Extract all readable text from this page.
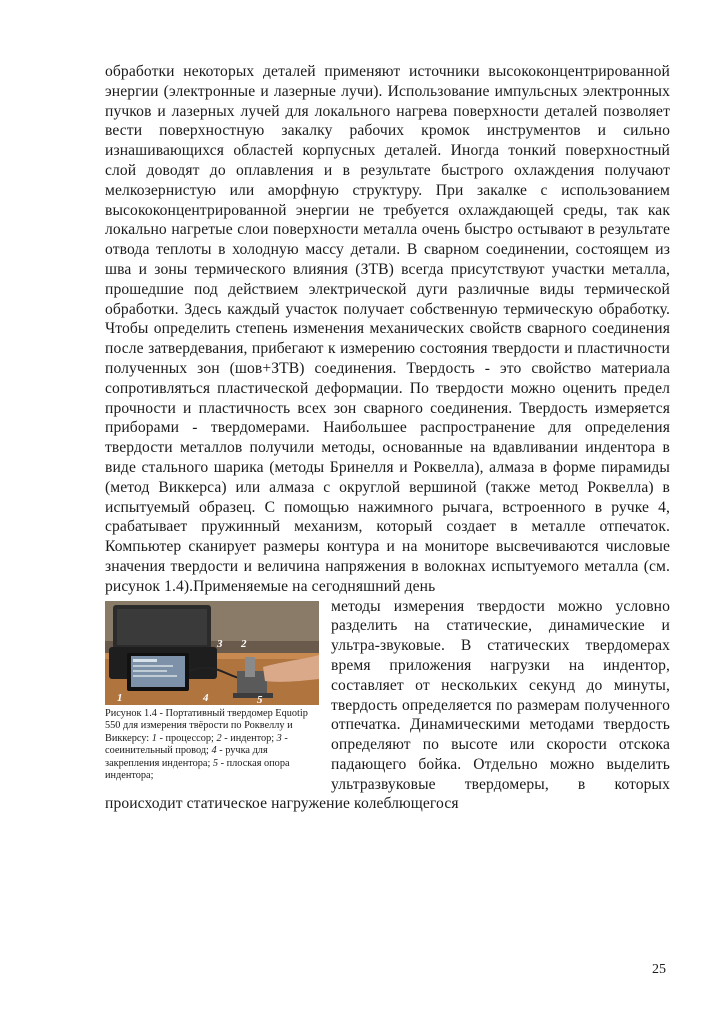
обработки некоторых деталей применяют источники высококонцентрированной энергии (электронные и лазерные лучи). Использование импульсных электронных пучков и лазерных лучей для локального нагрева поверхности деталей позволяет вести поверхностную закалку рабочих кромок инструментов и сильно изнашивающихся областей корпусных деталей. Иногда тонкий поверхностный слой доводят до оплавления и в результате быстрого охлаждения получают мелкозернистую или аморфную структуру. При закалке с использованием высококонцентрированной энергии не требуется охлаждающей среды, так как локально нагретые слои поверхности металла очень быстро остывают в результате отвода теплоты в холодную массу детали. В сварном соединении, состоящем из шва и зоны термического влияния (ЗТВ) всегда присутствуют участки металла, прошедшие под действием электрической дуги различные виды термической обработки. Здесь каждый участок получает собственную термическую обработку. Чтобы определить степень изменения механических свойств сварного соединения после затвердевания, прибегают к измерению состояния твердости и пластичности полученных зон (шов+ЗТВ) соединения. Твердость - это свойство материала сопротивляться пластической деформации. По твердости можно оценить предел прочности и пластичность всех зон сварного соединения. Твердость измеряется приборами - твердомерами. Наибольшее распространение для определения твердости металлов получили методы, основанные на вдавливании индентора в виде стального шарика (методы Бринелля и Роквелла), алмаза в форме пирамиды (метод Виккерса) или алмаза с округлой вершиной (также метод Роквелла) в испытуемый образец. С помощью нажимного рычага, встроенного в ручке 4, срабатывает пружинный механизм, который создает в металле отпечаток. Компьютер сканирует размеры контура и на мониторе высвечиваются числовые значения твердости и величина напряжения в волокнах испытуемого металла (см. рисунок 1.4).Применяемые на сегодняшний день

1
2
3
4	5
Рисунок 1.4 - Портативный твердомер Equotip 550 для измерения твёрости по Роквеллу и Виккерсу: 1 - процессор; 2 - индентор; 3 - соеинительный провод; 4 - ручка для закрепления индентора; 5 - плоская опора индентора;

методы измерения твердости можно условно разделить на статические, динамические и ультра-звуковые. В статических твердомерах время приложения нагрузки на индентор, составляет от нескольких секунд до минуты, твердость определяется по размерам полученного отпечатка. Динамическими методами твердость определяют по высоте или скорости отскока падающего бойка. Отдельно можно выделить ультразвуковые твердомеры, в которых происходит статическое нагружение колеблющегося

25
